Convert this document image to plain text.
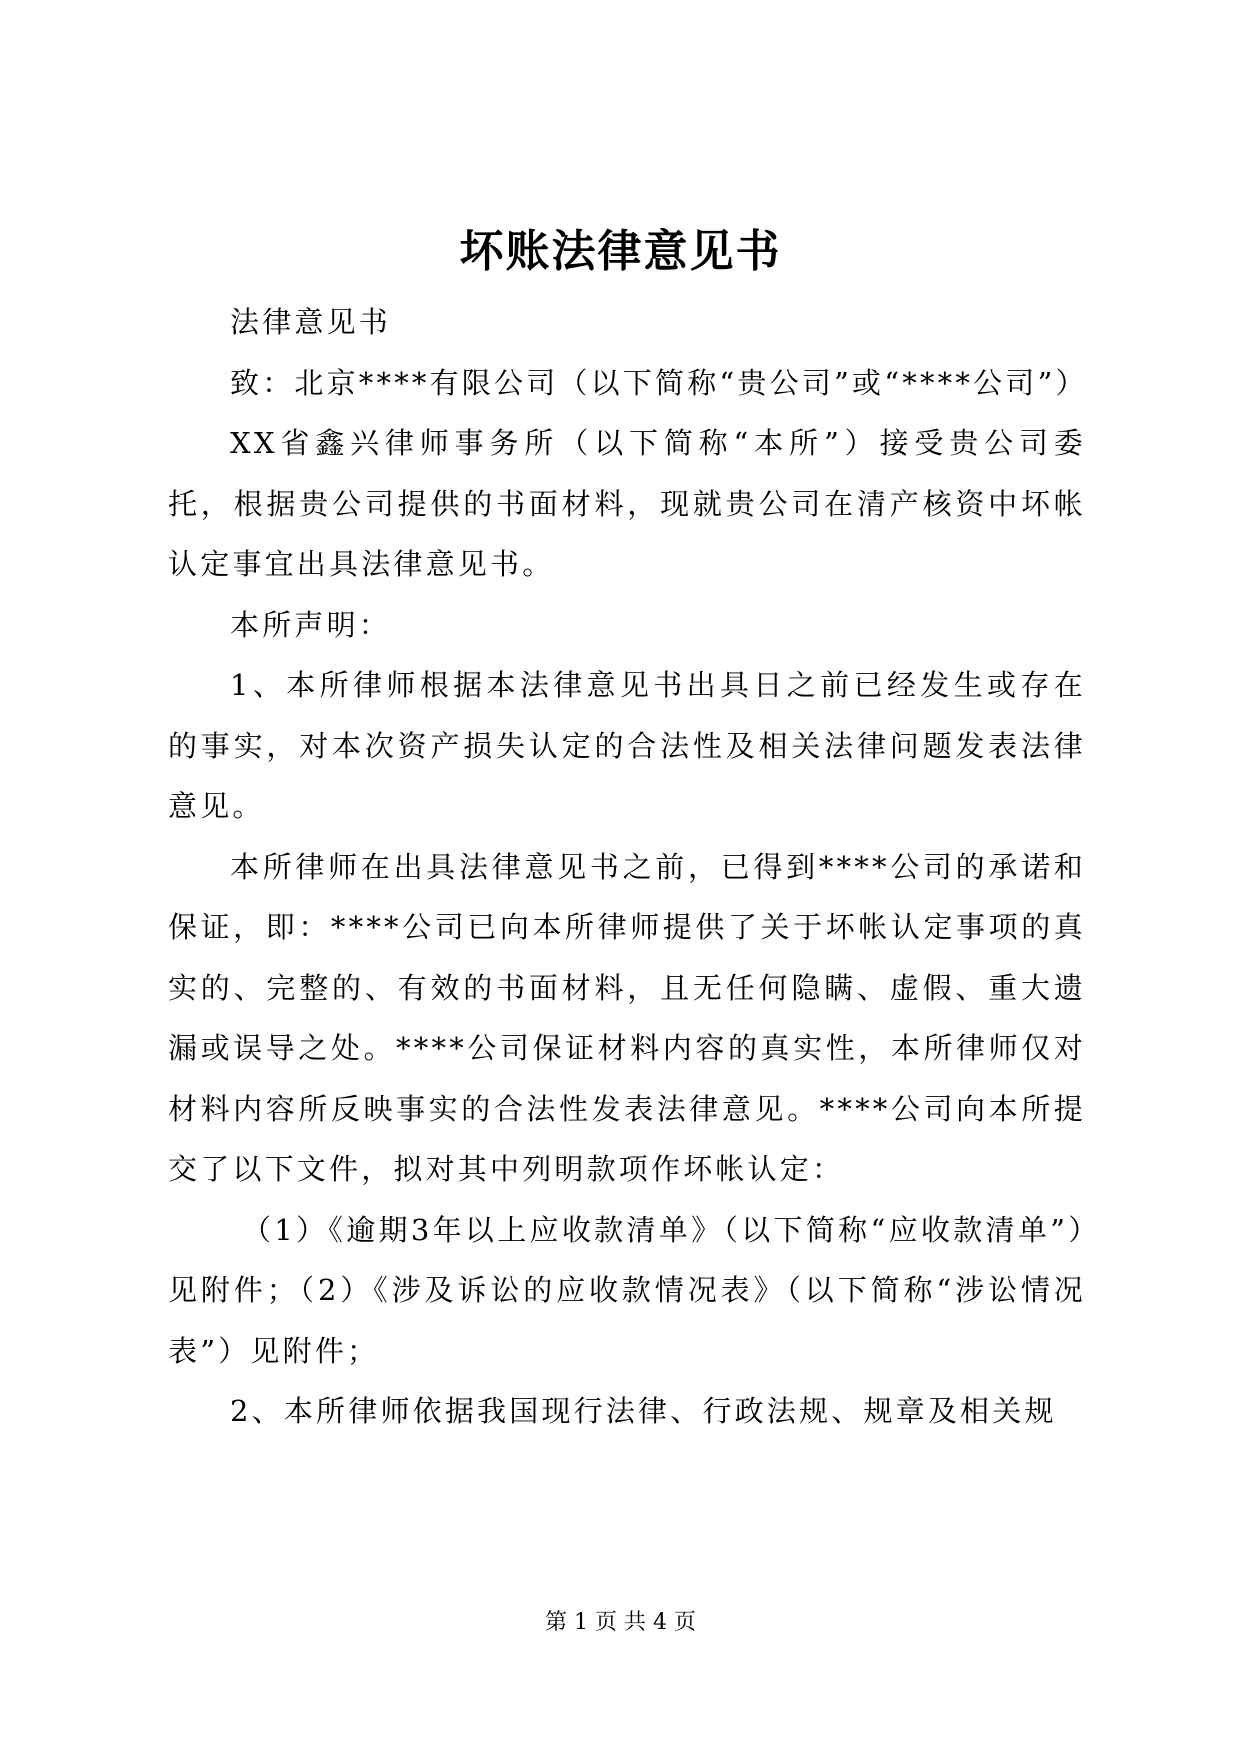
坏账法律意见书

法律意见书

致：北京****有限公司（以下简称“贵公司”或“****公司”）

XX省鑫兴律师事务所（以下简称“本所”）接受贵公司委托，根据贵公司提供的书面材料，现就贵公司在清产核资中坏帐认定事宜出具法律意见书。

本所声明：

1、本所律师根据本法律意见书出具日之前已经发生或存在的事实，对本次资产损失认定的合法性及相关法律问题发表法律意见。

本所律师在出具法律意见书之前，已得到****公司的承诺和保证，即：****公司已向本所律师提供了关于坏帐认定事项的真实的、完整的、有效的书面材料，且无任何隐瞒、虚假、重大遗漏或误导之处。****公司保证材料内容的真实性，本所律师仅对材料内容所反映事实的合法性发表法律意见。****公司向本所提交了以下文件，拟对其中列明款项作坏帐认定：

（1）《逾期3年以上应收款清单》（以下简称“应收款清单”）见附件；（2）《涉及诉讼的应收款情况表》（以下简称“涉讼情况表”）见附件；

2、本所律师依据我国现行法律、行政法规、规章及相关规

第 1 页 共 4 页
